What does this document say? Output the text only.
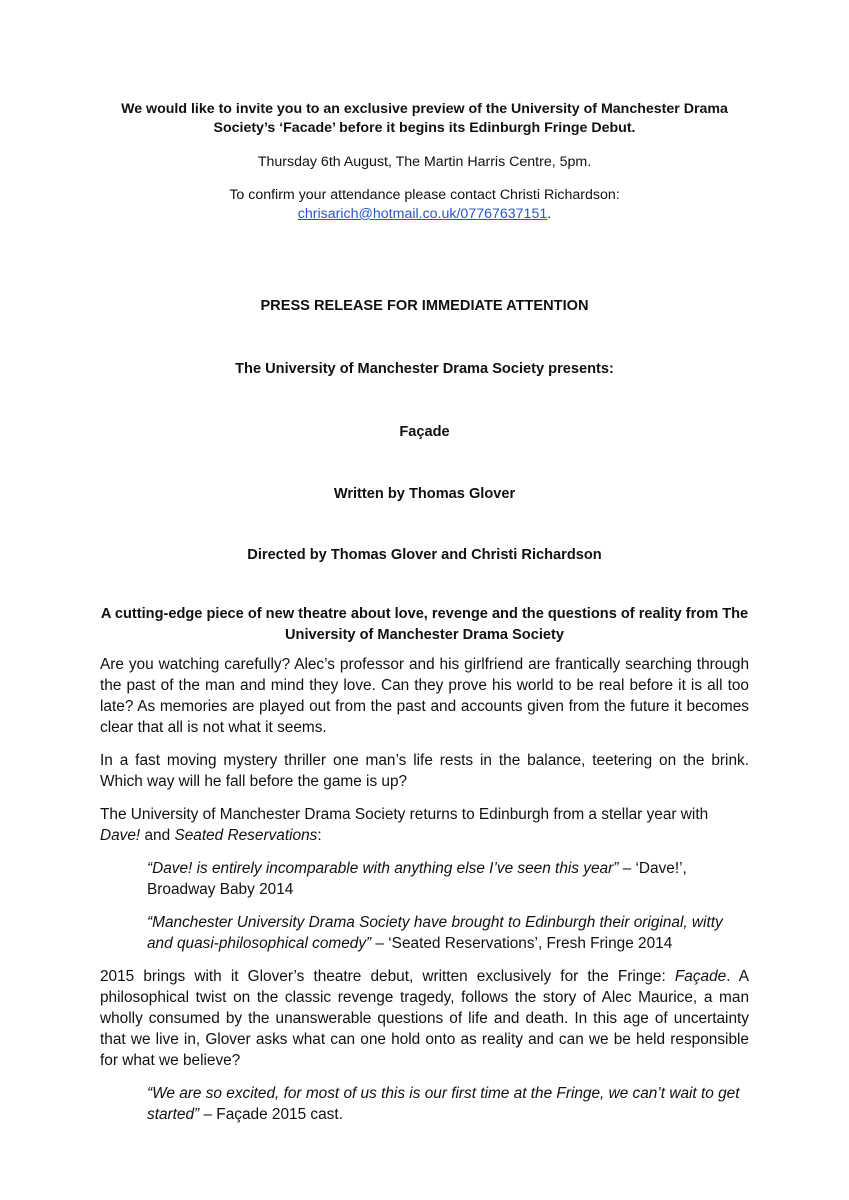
We would like to invite you to an exclusive preview of the University of Manchester Drama Society’s ‘Facade’ before it begins its Edinburgh Fringe Debut.

Thursday 6th August, The Martin Harris Centre, 5pm.

To confirm your attendance please contact Christi Richardson:
chrisarich@hotmail.co.uk/07767637151.

PRESS RELEASE FOR IMMEDIATE ATTENTION

The University of Manchester Drama Society presents:

Façade

Written by Thomas Glover

Directed by Thomas Glover and Christi Richardson

A cutting-edge piece of new theatre about love, revenge and the questions of reality from The University of Manchester Drama Society

Are you watching carefully? Alec’s professor and his girlfriend are frantically searching through the past of the man and mind they love. Can they prove his world to be real before it is all too late? As memories are played out from the past and accounts given from the future it becomes clear that all is not what it seems.

In a fast moving mystery thriller one man’s life rests in the balance, teetering on the brink. Which way will he fall before the game is up?

The University of Manchester Drama Society returns to Edinburgh from a stellar year with Dave! and Seated Reservations:

“Dave! is entirely incomparable with anything else I’ve seen this year” – ‘Dave!’, Broadway Baby 2014

“Manchester University Drama Society have brought to Edinburgh their original, witty and quasi-philosophical comedy” – ‘Seated Reservations’, Fresh Fringe 2014

2015 brings with it Glover’s theatre debut, written exclusively for the Fringe: Façade. A philosophical twist on the classic revenge tragedy, follows the story of Alec Maurice, a man wholly consumed by the unanswerable questions of life and death. In this age of uncertainty that we live in, Glover asks what can one hold onto as reality and can we be held responsible for what we believe?

“We are so excited, for most of us this is our first time at the Fringe, we can’t wait to get started” – Façade 2015 cast.
